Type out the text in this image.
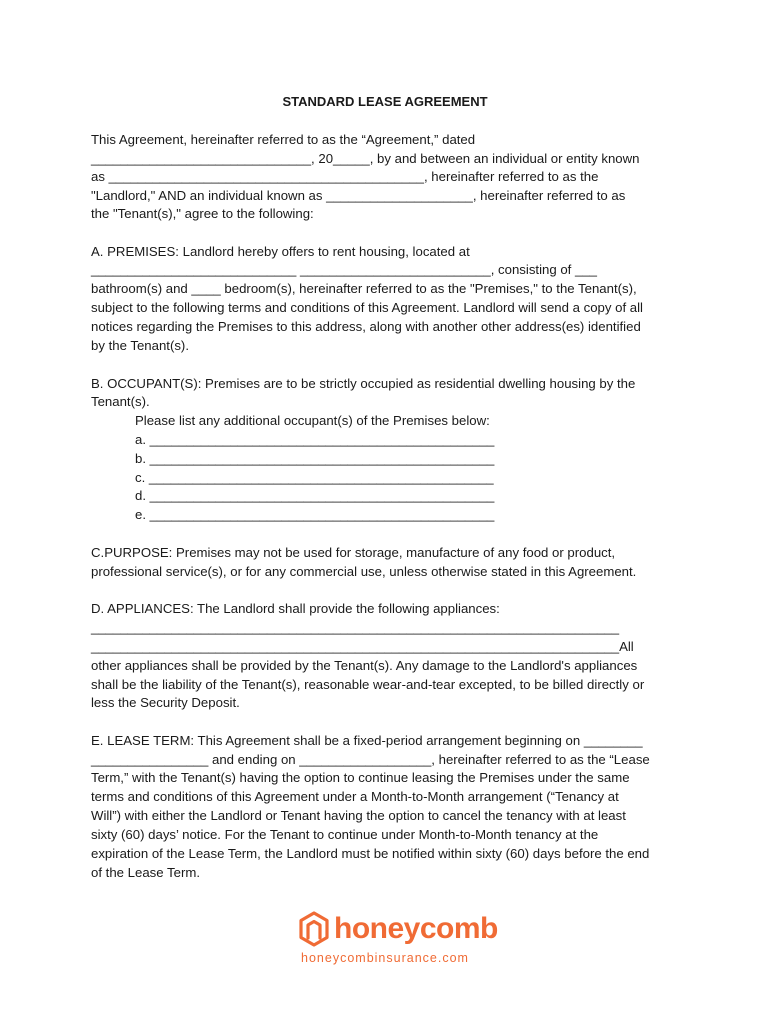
STANDARD LEASE AGREEMENT
This Agreement, hereinafter referred to as the “Agreement,” dated
______________________________, 20_____, by and between an individual or entity known
as ___________________________________________, hereinafter referred to as the
"Landlord," AND an individual known as ____________________, hereinafter referred to as
the "Tenant(s)," agree to the following:
A. PREMISES: Landlord hereby offers to rent housing, located at
____________________________ __________________________, consisting of ___
bathroom(s) and ____ bedroom(s), hereinafter referred to as the "Premises," to the Tenant(s),
subject to the following terms and conditions of this Agreement. Landlord will send a copy of all
notices regarding the Premises to this address, along with another other address(es) identified
by the Tenant(s).
B. OCCUPANT(S): Premises are to be strictly occupied as residential dwelling housing by the
Tenant(s).
Please list any additional occupant(s) of the Premises below:
a. _______________________________________________
b. _______________________________________________
c. _______________________________________________
d. _______________________________________________
e. _______________________________________________
C.PURPOSE: Premises may not be used for storage, manufacture of any food or product,
professional service(s), or for any commercial use, unless otherwise stated in this Agreement.
D. APPLIANCES: The Landlord shall provide the following appliances:
________________________________________________________________________
________________________________________________________________________All
other appliances shall be provided by the Tenant(s). Any damage to the Landlord's appliances
shall be the liability of the Tenant(s), reasonable wear-and-tear excepted, to be billed directly or
less the Security Deposit.
E. LEASE TERM: This Agreement shall be a fixed-period arrangement beginning on ________
________________ and ending on __________________, hereinafter referred to as the “Lease
Term,” with the Tenant(s) having the option to continue leasing the Premises under the same
terms and conditions of this Agreement under a Month-to-Month arrangement (“Tenancy at
Will”) with either the Landlord or Tenant having the option to cancel the tenancy with at least
sixty (60) days’ notice. For the Tenant to continue under Month-to-Month tenancy at the
expiration of the Lease Term, the Landlord must be notified within sixty (60) days before the end
of the Lease Term.
honeycomb
honeycombinsurance.com
